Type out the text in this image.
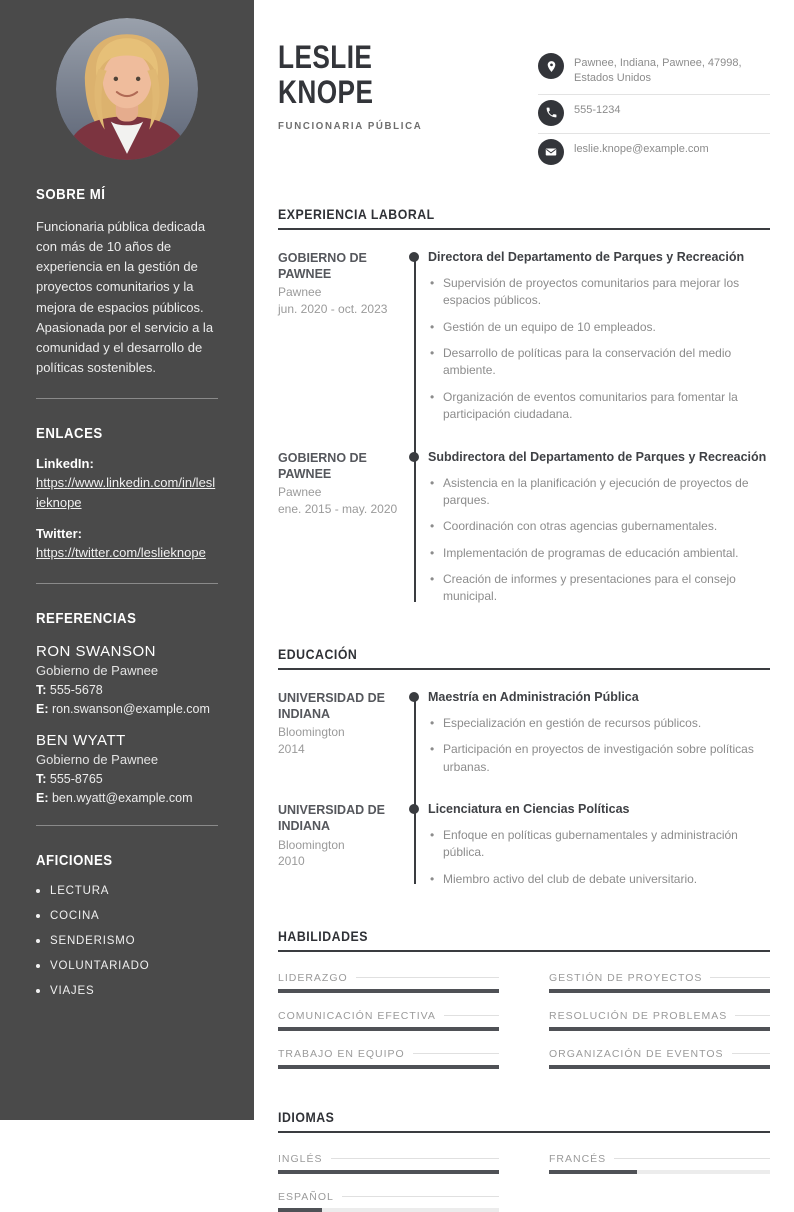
SOBRE MÍ

Funcionaria pública dedicada con más de 10 años de experiencia en la gestión de proyectos comunitarios y la mejora de espacios públicos. Apasionada por el servicio a la comunidad y el desarrollo de políticas sostenibles.

ENLACES
LinkedIn:
https://www.linkedin.com/in/leslieknope
Twitter:
https://twitter.com/leslieknope
REFERENCIAS
RON SWANSON
Gobierno de Pawnee
T: 555-5678
E: ron.swanson@example.com
BEN WYATT
Gobierno de Pawnee
T: 555-8765
E: ben.wyatt@example.com
AFICIONES
LECTURA
COCINA
SENDERISMO
VOLUNTARIADO
VIAJES
LESLIE KNOPE
FUNCIONARIA PÚBLICA
Pawnee, Indiana, Pawnee, 47998, Estados Unidos
555-1234
leslie.knope@example.com
EXPERIENCIA LABORAL
GOBIERNO DE PAWNEE
Pawnee
jun. 2020 - oct. 2023
Directora del Departamento de Parques y Recreación
• Supervisión de proyectos comunitarios para mejorar los espacios públicos.
• Gestión de un equipo de 10 empleados.
• Desarrollo de políticas para la conservación del medio ambiente.
• Organización de eventos comunitarios para fomentar la participación ciudadana.
GOBIERNO DE PAWNEE
Pawnee
ene. 2015 - may. 2020
Subdirectora del Departamento de Parques y Recreación
• Asistencia en la planificación y ejecución de proyectos de parques.
• Coordinación con otras agencias gubernamentales.
• Implementación de programas de educación ambiental.
• Creación de informes y presentaciones para el consejo municipal.
EDUCACIÓN
UNIVERSIDAD DE INDIANA
Bloomington
2014
Maestría en Administración Pública
• Especialización en gestión de recursos públicos.
• Participación en proyectos de investigación sobre políticas urbanas.
UNIVERSIDAD DE INDIANA
Bloomington
2010
Licenciatura en Ciencias Políticas
• Enfoque en políticas gubernamentales y administración pública.
• Miembro activo del club de debate universitario.
HABILIDADES
LIDERAZGO	GESTIÓN DE PROYECTOS
COMUNICACIÓN EFECTIVA	RESOLUCIÓN DE PROBLEMAS
TRABAJO EN EQUIPO	ORGANIZACIÓN DE EVENTOS
IDIOMAS
INGLÉS	FRANCÉS
ESPAÑOL
